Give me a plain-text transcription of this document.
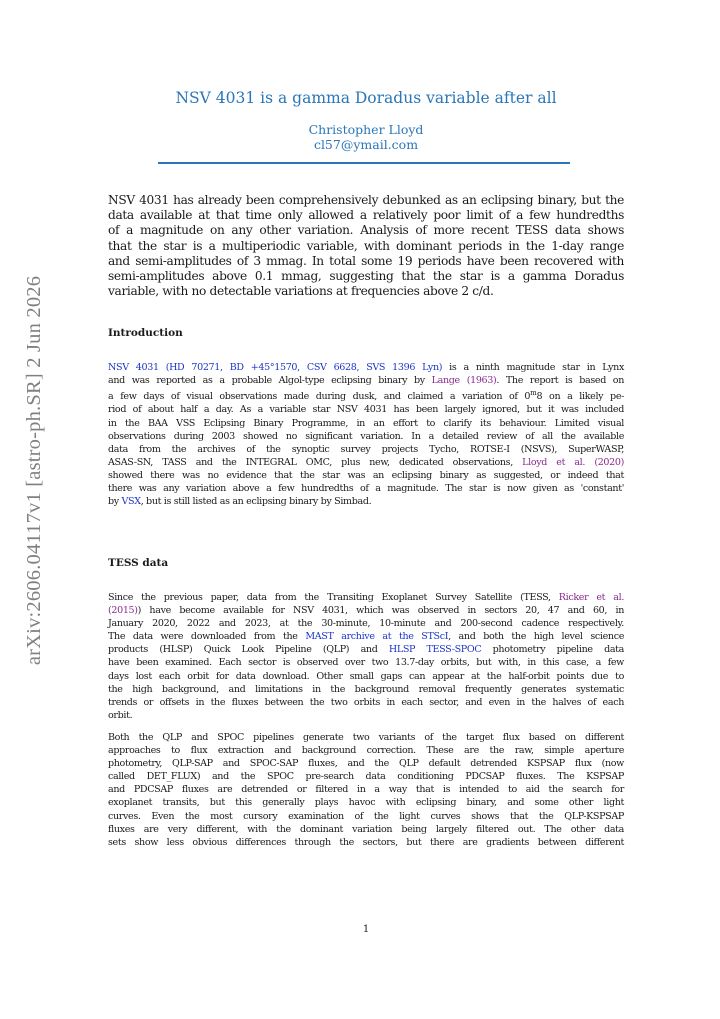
arXiv:2606.04117v1 [astro-ph.SR] 2 Jun 2026
NSV 4031 is a gamma Doradus variable after all
Christopher Lloyd
cl57@ymail.com
NSV 4031 has already been comprehensively debunked as an eclipsing binary, but the
data available at that time only allowed a relatively poor limit of a few hundredths
of a magnitude on any other variation. Analysis of more recent TESS data shows
that the star is a multiperiodic variable, with dominant periods in the 1-day range
and semi-amplitudes of 3 mmag. In total some 19 periods have been recovered with
semi-amplitudes above 0.1 mmag, suggesting that the star is a gamma Doradus
variable, with no detectable variations at frequencies above 2 c/d.
Introduction
NSV 4031 (HD 70271, BD +45°1570, CSV 6628, SVS 1396 Lyn) is a ninth magnitude star in Lynx
and was reported as a probable Algol-type eclipsing binary by Lange (1963). The report is based on
a few days of visual observations made during dusk, and claimed a variation of 0$^m$8 on a likely pe-
riod of about half a day. As a variable star NSV 4031 has been largely ignored, but it was included
in the BAA VSS Eclipsing Binary Programme, in an effort to clarify its behaviour. Limited visual
observations during 2003 showed no significant variation. In a detailed review of all the available
data from the archives of the synoptic survey projects Tycho, ROTSE-I (NSVS), SuperWASP,
ASAS-SN, TASS and the INTEGRAL OMC, plus new, dedicated observations, Lloyd et al. (2020)
showed there was no evidence that the star was an eclipsing binary as suggested, or indeed that
there was any variation above a few hundredths of a magnitude. The star is now given as 'constant'
by VSX, but is still listed as an eclipsing binary by Simbad.
TESS data
Since the previous paper, data from the Transiting Exoplanet Survey Satellite (TESS, Ricker et al.
(2015)) have become available for NSV 4031, which was observed in sectors 20, 47 and 60, in
January 2020, 2022 and 2023, at the 30-minute, 10-minute and 200-second cadence respectively.
The data were downloaded from the MAST archive at the STScI, and both the high level science
products (HLSP) Quick Look Pipeline (QLP) and HLSP TESS-SPOC photometry pipeline data
have been examined. Each sector is observed over two 13.7-day orbits, but with, in this case, a few
days lost each orbit for data download. Other small gaps can appear at the half-orbit points due to
the high background, and limitations in the background removal frequently generates systematic
trends or offsets in the fluxes between the two orbits in each sector, and even in the halves of each
orbit.
Both the QLP and SPOC pipelines generate two variants of the target flux based on different
approaches to flux extraction and background correction. These are the raw, simple aperture
photometry, QLP-SAP and SPOC-SAP fluxes, and the QLP default detrended KSPSAP flux (now
called DET_FLUX) and the SPOC pre-search data conditioning PDCSAP fluxes. The KSPSAP
and PDCSAP fluxes are detrended or filtered in a way that is intended to aid the search for
exoplanet transits, but this generally plays havoc with eclipsing binary, and some other light
curves. Even the most cursory examination of the light curves shows that the QLP-KSPSAP
fluxes are very different, with the dominant variation being largely filtered out. The other data
sets show less obvious differences through the sectors, but there are gradients between different
1
